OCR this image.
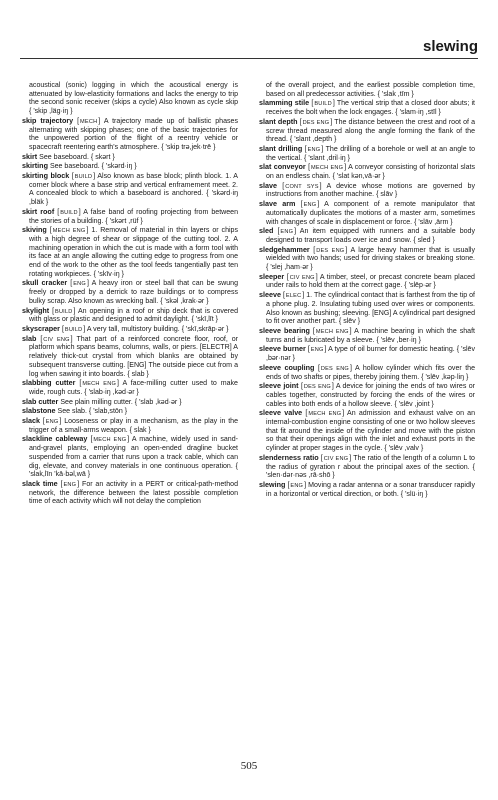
slewing

acoustical (sonic) logging in which the acoustical energy is attenuated by low-elasticity formations and lacks the energy to trip the second sonic receiver (skips a cycle) Also known as cycle skip { 'skip ,läg·iŋ }

skip trajectory [ MECH ] A trajectory made up of ballistic phases alternating with skipping phases; one of the basic trajectories for the unpowered portion of the flight of a reentry vehicle or spacecraft reentering earth's atmosphere. { 'skip trə,jek·trē }

skirt See baseboard. { skərt }

skirting See baseboard. { 'skərd·iŋ }

skirting block [ BUILD ] Also known as base block; plinth block. 1. A corner block where a base strip and vertical enframement meet. 2. A concealed block to which a baseboard is anchored. { 'skərd·iŋ ,bläk }

skirt roof [ BUILD ] A false band of roofing projecting from between the stories of a building. { 'skərt ,rüf }

skiving [ MECH ENG ] 1. Removal of material in thin layers or chips with a high degree of shear or slippage of the cutting tool. 2. A machining operation in which the cut is made with a form tool with its face at an angle allowing the cutting edge to progress from one end of the work to the other as the tool feeds tangentially past ten rotating workpieces. { 'skīv·iŋ }

skull cracker [ ENG ] A heavy iron or steel ball that can be swung freely or dropped by a derrick to raze buildings or to compress bulky scrap. Also known as wrecking ball. { 'skəl ,krak·ər }

skylight [ BUILD ] An opening in a roof or ship deck that is covered with glass or plastic and designed to admit daylight. { 'skī,līt }

skyscraper [ BUILD ] A very tall, multistory building. { 'skī,skrāp·ər }

slab [ CIV ENG ] That part of a reinforced concrete floor, roof, or platform which spans beams, columns, walls, or piers. [ELECTR] A relatively thick-cut crystal from which blanks are obtained by subsequent transverse cutting. [ENG] The outside piece cut from a log when sawing it into boards. { slab }

slabbing cutter [ MECH ENG ] A face-milling cutter used to make wide, rough cuts. { 'slab·iŋ ,kəd·ər }

slab cutter See plain milling cutter. { 'slab ,kəd·ər }

slabstone See slab. { 'slab,stōn }

slack [ ENG ] Looseness or play in a mechanism, as the play in the trigger of a small-arms weapon. { slak }

slackline cableway [ MECH ENG ] A machine, widely used in sand-and-gravel plants, employing an open-ended dragline bucket suspended from a carrier that runs upon a track cable, which can dig, elevate, and convey materials in one continuous operation. { 'slak,līn 'kā·bəl,wā }

slack time [ ENG ] For an activity in a PERT or critical-path-method network, the difference between the latest possible completion time of each activity which will not delay the completion

of the overall project, and the earliest possible completion time, based on all predecessor activities. { 'slak ,tīm }

slamming stile [ BUILD ] The vertical strip that a closed door abuts; it receives the bolt when the lock engages. { 'slam·iŋ ,stīl }

slant depth [ DES ENG ] The distance between the crest and root of a screw thread measured along the angle forming the flank of the thread. { 'slant ,depth }

slant drilling [ ENG ] The drilling of a borehole or well at an angle to the vertical. { 'slant ,dril·iŋ }

slat conveyor [ MECH ENG ] A conveyor consisting of horizontal slats on an endless chain. { 'slat kən,vā·ər }

slave [ CONT SYS ] A device whose motions are governed by instructions from another machine. { slāv }

slave arm [ ENG ] A component of a remote manipulator that automatically duplicates the motions of a master arm, sometimes with changes of scale in displacement or force. { 'slāv ,ärm }

sled [ ENG ] An item equipped with runners and a suitable body designed to transport loads over ice and snow. { sled }

sledgehammer [ DES ENG ] A large heavy hammer that is usually wielded with two hands; used for driving stakes or breaking stone. { 'slej ,ham·ər }

sleeper [ CIV ENG ] A timber, steel, or precast concrete beam placed under rails to hold them at the correct gage. { 'slēp·ər }

sleeve [ ELEC ] 1. The cylindrical contact that is farthest from the tip of a phone plug. 2. Insulating tubing used over wires or components. Also known as bushing; sleeving. [ENG] A cylindrical part designed to fit over another part. { slēv }

sleeve bearing [ MECH ENG ] A machine bearing in which the shaft turns and is lubricated by a sleeve. { 'slēv ,ber·iŋ }

sleeve burner [ ENG ] A type of oil burner for domestic heating. { 'slēv ,bər·nər }

sleeve coupling [ DES ENG ] A hollow cylinder which fits over the ends of two shafts or pipes, thereby joining them. { 'slēv ,kəp·liŋ }

sleeve joint [ DES ENG ] A device for joining the ends of two wires or cables together, constructed by forcing the ends of the wires or cables into both ends of a hollow sleeve. { 'slēv ,joint }

sleeve valve [ MECH ENG ] An admission and exhaust valve on an internal-combustion engine consisting of one or two hollow sleeves that fit around the inside of the cylinder and move with the piston so that their openings align with the inlet and exhaust ports in the cylinder at proper stages in the cycle. { 'slēv ,valv }

slenderness ratio [ CIV ENG ] The ratio of the length of a column L to the radius of gyration r about the principal axes of the section. { 'slen·dər·nəs ,rā·shō }

slewing [ ENG ] Moving a radar antenna or a sonar transducer rapidly in a horizontal or vertical direction, or both. { 'slü·iŋ }

505
